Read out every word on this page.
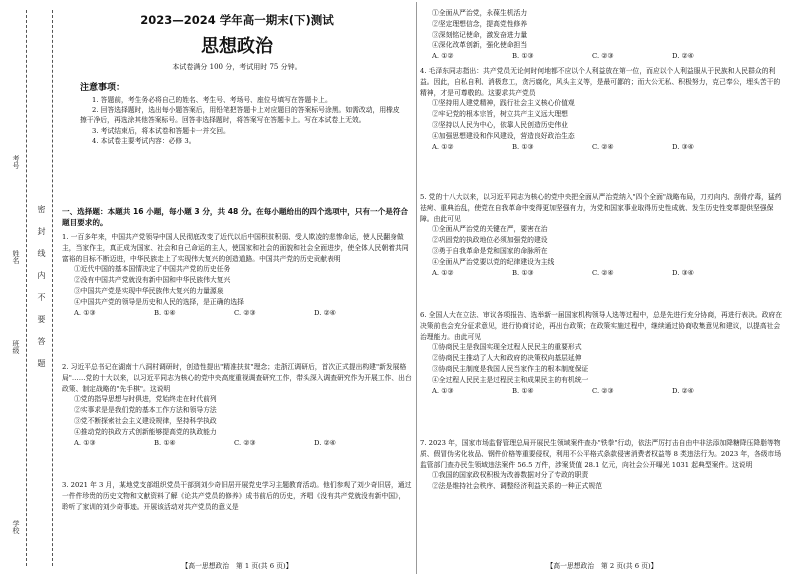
考号
姓名
班级
学校
密封线内不要答题
2023—2024 学年高一期末(下)测试
思想政治
本试卷满分 100 分，考试用时 75 分钟。
注意事项：

1. 答题前，考生务必将自己的姓名、考生号、考场号、座位号填写在答题卡上。

2. 回答选择题时，选出每小题答案后，用铅笔把答题卡上对应题目的答案标号涂黑。如需改动，用橡皮擦干净后，再选涂其他答案标号。回答非选择题时，将答案写在答题卡上。写在本试卷上无效。

3. 考试结束后，将本试卷和答题卡一并交回。

4. 本试卷主要考试内容：必修 3。

一、选择题：本题共 16 小题，每小题 3 分，共 48 分。在每小题给出的四个选项中，只有一个是符合题目要求的。

1. 一百多年来，中国共产党领导中国人民彻底改变了近代以后中国积贫积弱、受人欺凌的悲惨命运，使人民翻身做主，当家作主，真正成为国家、社会和自己命运的主人，使国家和社会的面貌和社会全面进步，使全体人民朝着共同富裕的目标不断迈进，中华民族走上了实现伟大复兴的创造道路。中国共产党的历史贡献表明

①近代中国的基本国情决定了中国共产党的历史任务

②没有中国共产党就没有新中国和中华民族伟大复兴

③中国共产党是实现中华民族伟大复兴的力量源泉

④中国共产党的领导是历史和人民的选择，是正确的选择

A. ①③	B. ①④	C. ②③	D. ②④

2. 习近平总书记在湖南十八洞村调研时，创造性提出"精准扶贫"理念；走浙江调研后，首次正式提出构建"新发展格局"……党的十大以来，以习近平同志为核心的党中央高度重视调查研究工作，带头深入调查研究作为开展工作、出台政策、制定战略的"先手棋"。这说明

①党的指导思想与时俱进，党始终走在时代前列

②实事求是是我们党的基本工作方法和领导方法

③党不断探索社会主义建设规律，坚持科学执政

④推动党的执政方式创新能够提高党的执政能力

A. ①③	B. ①④	C. ②③	D. ②④

3. 2021 年 3 月，某地党支部组织党员干部到刘少奇旧居开展党史学习主题教育活动。他们参观了刘少奇旧居，通过一件件珍贵的历史文物和文献资料了解《论共产党员的修养》成书前后的历史，齐唱《没有共产党就没有新中国》，聆听了家训的刘少奇事迹。开展该活动对共产党员的意义是

【高一思想政治　第 1 页(共 6 页)】

①全面从严治党，永葆生机活力

②坚定理想信念，提高党性修养

③深刻铭记使命，激发奋进力量

④深化改革创新，强化使命担当

A. ①②	B. ①③	C. ②③	D. ②④

4. 毛泽东同志指出：共产党员无论何时何地都不应以个人利益放在第一位，而应以个人利益服从于民族和人民群众的利益。因此，自私自利、消极怠工，贪污腐化，风头主义等，是最可鄙的；而大公无私、积极努力，克己奉公，埋头苦干的精神，才是可尊敬的。这要求共产党员

①坚持用人建党精神，践行社会主义核心价值观

②牢记党的根本宗旨，树立共产主义远大理想

③坚持以人民为中心，依靠人民创造历史伟业

④加强思想建设和作风建设，营造良好政治生态

A. ①②	B. ①③	C. ②④	D. ③④

5. 党的十八大以来，以习近平同志为核心的党中央把全面从严治党纳入"四个全面"战略布局，刀刃向内、刮骨疗毒，猛药祛疴、重典治乱，使党在自我革命中变得更加坚强有力，为党和国家事业取得历史性成就、发生历史性变革提供坚强保障。由此可见

①全面从严治党的关键在严，要害在治

②巩固党的执政地位必须加强党的建设

③勇于自我革命是党和国家的命脉所在

④全面从严治党要以党的纪律建设为主线

A. ①②	B. ①③	C. ②④	D. ③④

6. 全国人大在立法、审议各项报告、选举新一届国家机构领导人选等过程中，总是先进行充分协商，再进行表决。政府在决策前也会充分征求意见，进行协商讨论，再出台政策；在政策实施过程中，继续通过协商收集意见和建议，以提高社会治理能力。由此可见

①协商民主是我国实现全过程人民民主的重要形式

②协商民主推动了人大和政府的决策权向基层延伸

③协商民主制度是我国人民当家作主的根本制度保证

④全过程人民民主是过程民主和成果民主的有机统一

A. ①③	B. ①④	C. ②③	D. ②④

7. 2023 年，国家市场监督管理总局开展民生领域案件查办"铁拳"行动，依法严厉打击自由中非法添加降糖降压降脂等物质、假冒伪劣化妆品、钢件价格等重要侵权，利用不公平格式条款侵害消费者权益等 8 类违法行为。2023 年，各级市场监管部门查办民生领域违法案件 56.5 万件，涉案货值 28.1 亿元，向社会公开曝光 1031 起典型案件。这说明

①我国的国家政权积极为改善数据对分了专政的职责

②法是维持社会秩序、调整经济利益关系的一种正式规范

【高一思想政治　第 2 页(共 6 页)】
